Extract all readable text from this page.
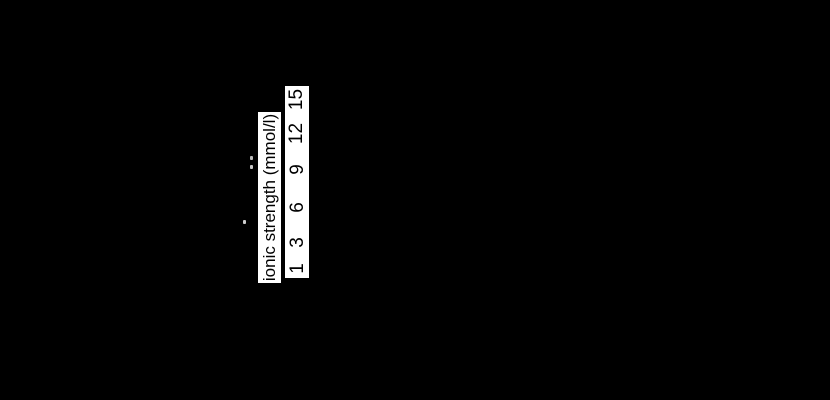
ionic strength (mmol/l)
15
12
9
6
3
1
